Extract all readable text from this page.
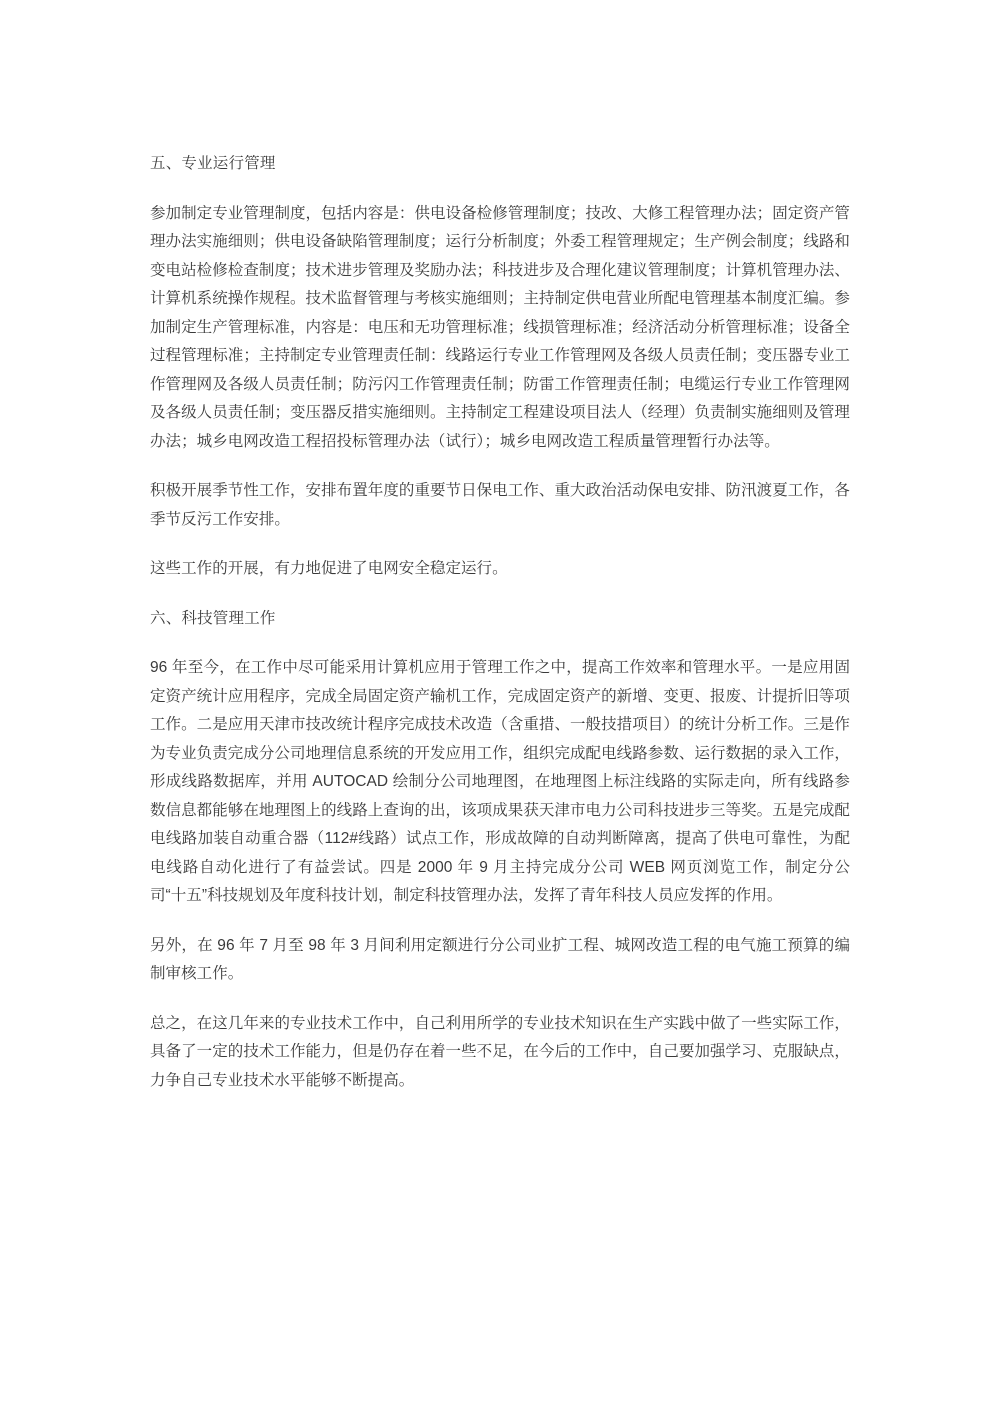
五、专业运行管理

参加制定专业管理制度，包括内容是：供电设备检修管理制度；技改、大修工程管理办法；固定资产管理办法实施细则；供电设备缺陷管理制度；运行分析制度；外委工程管理规定；生产例会制度；线路和变电站检修检查制度；技术进步管理及奖励办法；科技进步及合理化建议管理制度；计算机管理办法、计算机系统操作规程。技术监督管理与考核实施细则；主持制定供电营业所配电管理基本制度汇编。参加制定生产管理标准，内容是：电压和无功管理标准；线损管理标准；经济活动分析管理标准；设备全过程管理标准；主持制定专业管理责任制：线路运行专业工作管理网及各级人员责任制；变压器专业工作管理网及各级人员责任制；防污闪工作管理责任制；防雷工作管理责任制；电缆运行专业工作管理网及各级人员责任制；变压器反措实施细则。主持制定工程建设项目法人（经理）负责制实施细则及管理办法；城乡电网改造工程招投标管理办法（试行）；城乡电网改造工程质量管理暂行办法等。

积极开展季节性工作，安排布置年度的重要节日保电工作、重大政治活动保电安排、防汛渡夏工作，各季节反污工作安排。

这些工作的开展，有力地促进了电网安全稳定运行。

六、科技管理工作

96 年至今，在工作中尽可能采用计算机应用于管理工作之中，提高工作效率和管理水平。一是应用固定资产统计应用程序，完成全局固定资产输机工作，完成固定资产的新增、变更、报废、计提折旧等项工作。二是应用天津市技改统计程序完成技术改造（含重措、一般技措项目）的统计分析工作。三是作为专业负责完成分公司地理信息系统的开发应用工作，组织完成配电线路参数、运行数据的录入工作，形成线路数据库，并用 AUTOCAD 绘制分公司地理图，在地理图上标注线路的实际走向，所有线路参数信息都能够在地理图上的线路上查询的出，该项成果获天津市电力公司科技进步三等奖。五是完成配电线路加装自动重合器（112#线路）试点工作，形成故障的自动判断障离，提高了供电可靠性，为配电线路自动化进行了有益尝试。四是 2000 年 9 月主持完成分公司 WEB 网页浏览工作，制定分公司“十五”科技规划及年度科技计划，制定科技管理办法，发挥了青年科技人员应发挥的作用。

另外，在 96 年 7 月至 98 年 3 月间利用定额进行分公司业扩工程、城网改造工程的电气施工预算的编制审核工作。

总之，在这几年来的专业技术工作中，自己利用所学的专业技术知识在生产实践中做了一些实际工作，具备了一定的技术工作能力，但是仍存在着一些不足，在今后的工作中，自己要加强学习、克服缺点，力争自己专业技术水平能够不断提高。
